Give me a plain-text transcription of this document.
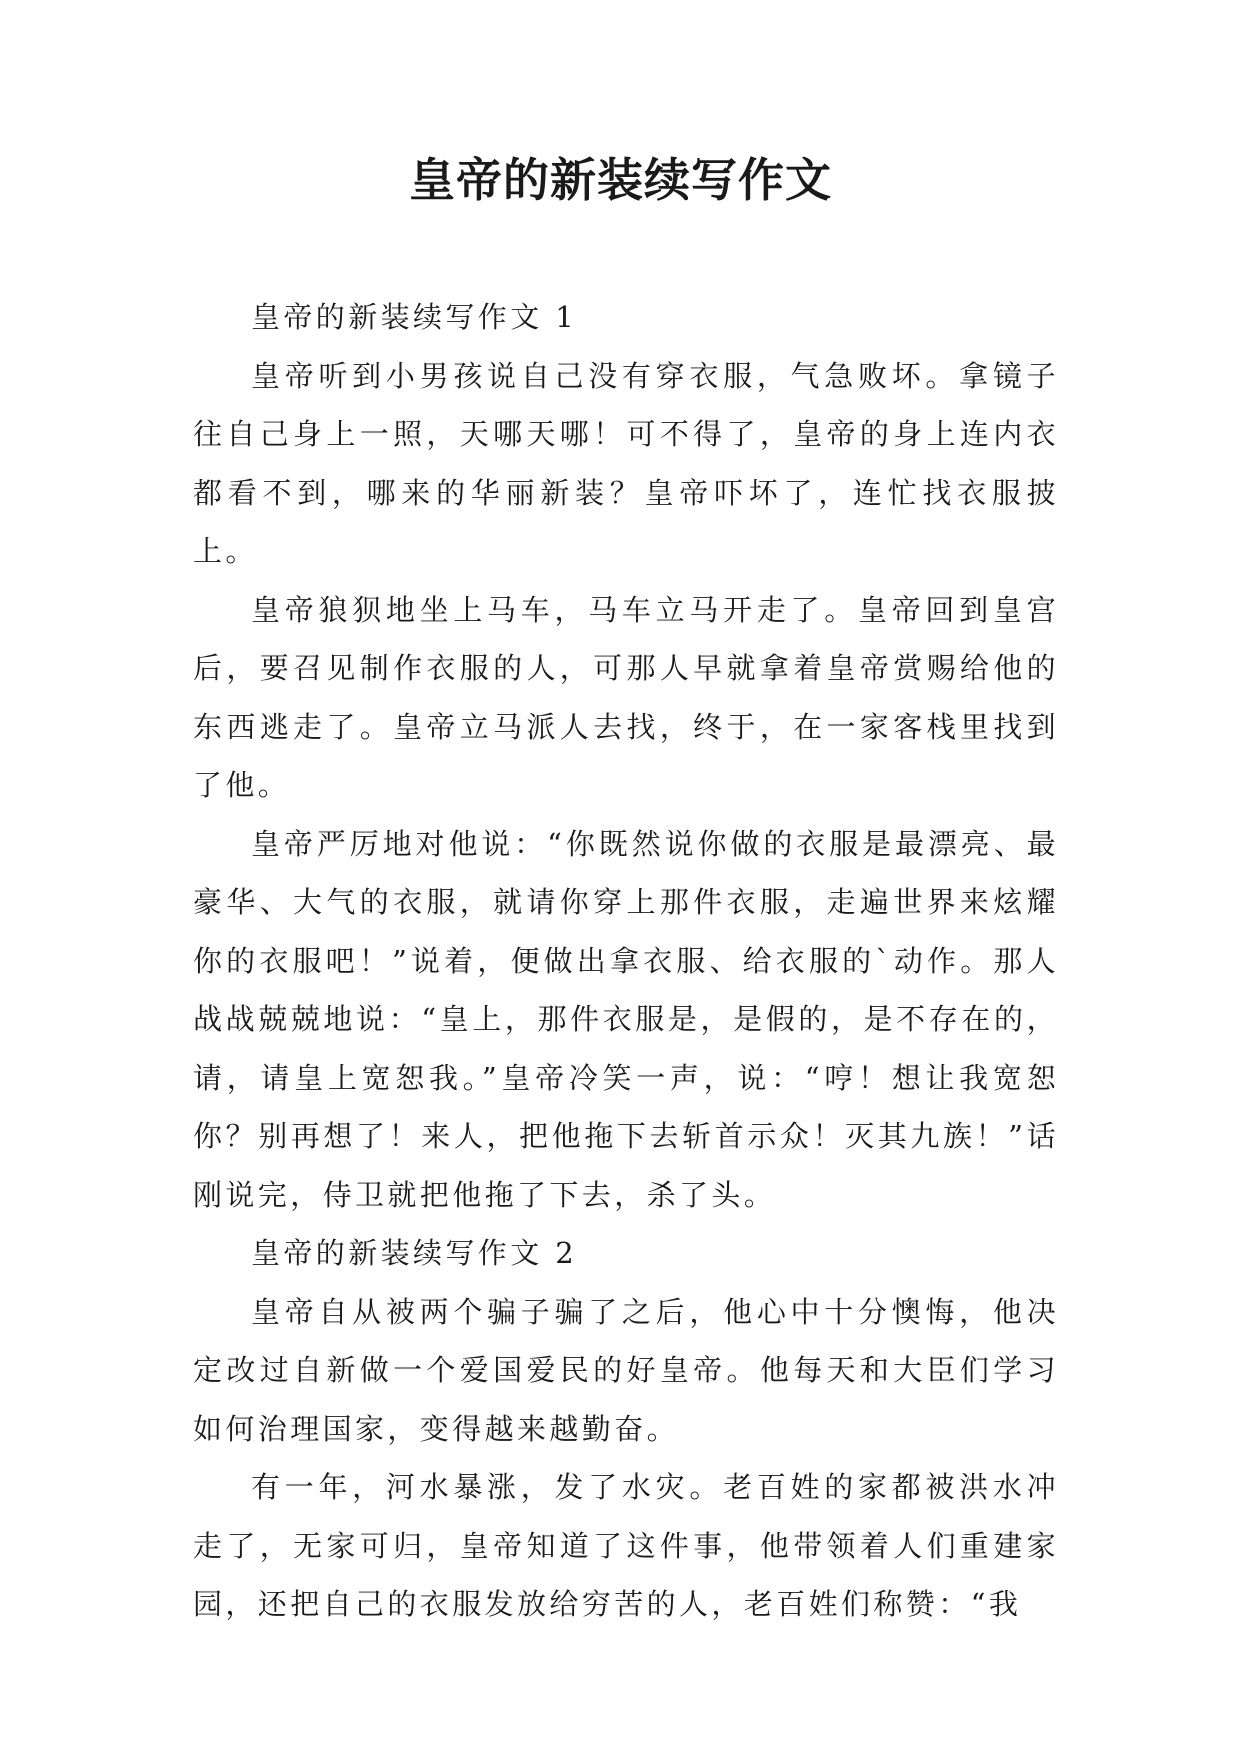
皇帝的新装续写作文

皇帝的新装续写作文 1

皇帝听到小男孩说自己没有穿衣服，气急败坏。拿镜子往自己身上一照，天哪天哪！可不得了，皇帝的身上连内衣都看不到，哪来的华丽新装？皇帝吓坏了，连忙找衣服披上。

皇帝狼狈地坐上马车，马车立马开走了。皇帝回到皇宫后，要召见制作衣服的人，可那人早就拿着皇帝赏赐给他的东西逃走了。皇帝立马派人去找，终于，在一家客栈里找到了他。

皇帝严厉地对他说：“你既然说你做的衣服是最漂亮、最豪华、大气的衣服，就请你穿上那件衣服，走遍世界来炫耀你的衣服吧！”说着，便做出拿衣服、给衣服的`动作。那人战战兢兢地说：“皇上，那件衣服是，是假的，是不存在的，请，请皇上宽恕我。”皇帝冷笑一声，说：“哼！想让我宽恕你？别再想了！来人，把他拖下去斩首示众！灭其九族！”话刚说完，侍卫就把他拖了下去，杀了头。

皇帝的新装续写作文 2

皇帝自从被两个骗子骗了之后，他心中十分懊悔，他决定改过自新做一个爱国爱民的好皇帝。他每天和大臣们学习如何治理国家，变得越来越勤奋。

有一年，河水暴涨，发了水灾。老百姓的家都被洪水冲走了，无家可归，皇帝知道了这件事，他带领着人们重建家园，还把自己的衣服发放给穷苦的人，老百姓们称赞：“我
